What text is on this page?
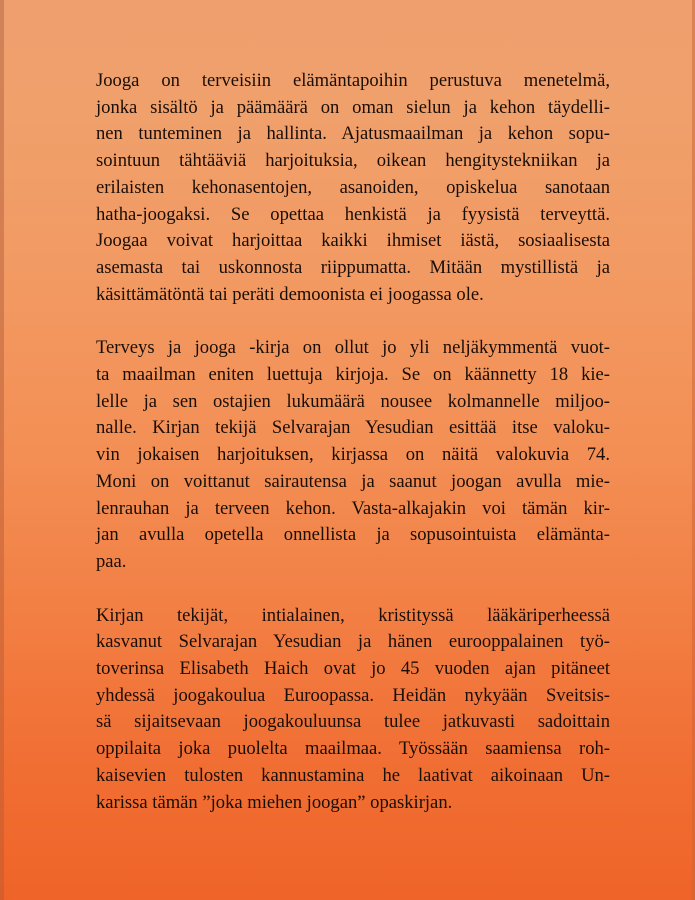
Jooga on terveisiin elämäntapoihin perustuva menetelmä,
jonka sisältö ja päämäärä on oman sielun ja kehon täydelli-
nen tunteminen ja hallinta. Ajatusmaailman ja kehon sopu-
sointuun tähtääviä harjoituksia, oikean hengitystekniikan ja
erilaisten kehonasentojen, asanoiden, opiskelua sanotaan
hatha-joogaksi. Se opettaa henkistä ja fyysistä terveyttä.
Joogaa voivat harjoittaa kaikki ihmiset iästä, sosiaalisesta
asemasta tai uskonnosta riippumatta. Mitään mystillistä ja
käsittämätöntä tai peräti demoonista ei joogassa ole.

Terveys ja jooga -kirja on ollut jo yli neljäkymmentä vuot-
ta maailman eniten luettuja kirjoja. Se on käännetty 18 kie-
lelle ja sen ostajien lukumäärä nousee kolmannelle miljoo-
nalle. Kirjan tekijä Selvarajan Yesudian esittää itse valoku-
vin jokaisen harjoituksen, kirjassa on näitä valokuvia 74.
Moni on voittanut sairautensa ja saanut joogan avulla mie-
lenrauhan ja terveen kehon. Vasta-alkajakin voi tämän kir-
jan avulla opetella onnellista ja sopusointuista elämänta-
paa.

Kirjan tekijät, intialainen, kristityssä lääkäriperheessä
kasvanut Selvarajan Yesudian ja hänen eurooppalainen työ-
toverinsa Elisabeth Haich ovat jo 45 vuoden ajan pitäneet
yhdessä joogakoulua Euroopassa. Heidän nykyään Sveitsis-
sä sijaitsevaan joogakouluunsa tulee jatkuvasti sadoittain
oppilaita joka puolelta maailmaa. Työssään saamiensa roh-
kaisevien tulosten kannustamina he laativat aikoinaan Un-
karissa tämän ”joka miehen joogan” opaskirjan.
